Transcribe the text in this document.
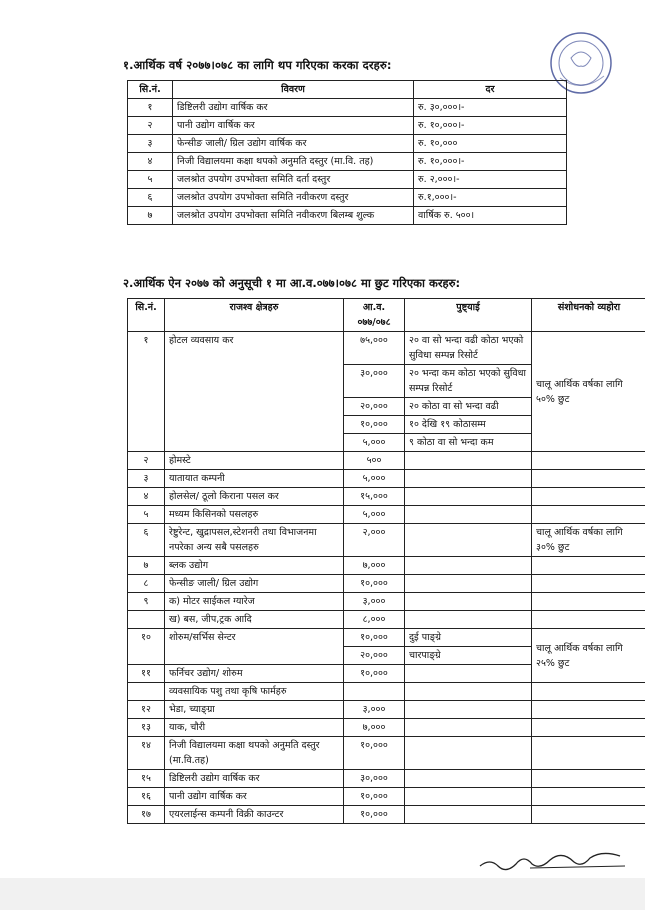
१.आर्थिक वर्ष २०७७।०७८ का लागि थप गरिएका करका दरहरु:
सि.नं.	विवरण	दर
१	डिष्टिलरी उद्योग वार्षिक कर	रु. ३०,०००।-
२	पानी उद्योग वार्षिक कर	रु. १०,०००।-
३	फेन्सीङ जाली/ ग्रिल उद्योग वार्षिक कर	रु. १०,०००
४	निजी विद्यालयमा कक्षा थपको अनुमति दस्तुर (मा.वि. तह)	रु. १०,०००।-
५	जलश्रोत उपयोग उपभोक्ता समिति दर्ता दस्तुर	रु. २,०००।-
६	जलश्रोत उपयोग उपभोक्ता समिति नवीकरण दस्तुर	रु.१,०००।-
७	जलश्रोत उपयोग उपभोक्ता समिति नवीकरण बिलम्ब शुल्क	वार्षिक रु. ५००।
२.आर्थिक ऐन २०७७ को अनुसूची १ मा आ.व.०७७।०७८ मा छुट गरिएका करहरु:
सि.नं.	राजश्व क्षेत्रहरु	आ.व. ०७७/०७८	पुष्ट्याई	संशोधनको व्यहोरा
१	होटल व्यवसाय कर	७५,०००	२० वा सो भन्दा वढी कोठा भएको सुविधा सम्पन्न रिसोर्ट	चालू आर्थिक वर्षका लागि ५०% छुट
		३०,०००	२० भन्दा कम कोठा भएको सुविधा सम्पन्न रिसोर्ट	
		२०,०००	२० कोठा वा सो भन्दा वढी	
		१०,०००	१० देखि १९ कोठासम्म	
		५,०००	९ कोठा वा सो भन्दा कम	
२	होमस्टे	५००		
३	यातायात कम्पनी	५,०००		
४	होलसेल/ ठूलो किराना पसल कर	१५,०००		
५	मध्यम किसिनको पसलहरु	५,०००		
६	रेष्टुरेन्ट, खुद्रापसल,स्टेशनरी तथा विभाजनमा नपरेका अन्य सबै पसलहरु	२,०००		चालू आर्थिक वर्षका लागि ३०% छुट
७	ब्लक उद्योग	७,०००		
८	फेन्सीङ जाली/ ग्रिल उद्योग	१०,०००		
९	क) मोटर साईकल ग्यारेज	३,०००		
	ख) बस, जीप,ट्रक आदि	८,०००		
१०	शोरुम/सर्भिस सेन्टर	१०,०००	दुई पाङ्ग्रे	चालू आर्थिक वर्षका लागि २५% छुट
		२०,०००	चारपाङ्ग्रे	
११	फर्निचर उद्योग/ शोरुम	१०,०००		
	व्यवसायिक पशु तथा कृषि फार्महरु			
१२	भेडा, च्याङ्ग्रा	३,०००		
१३	याक, चौरी	७,०००		
१४	निजी विद्यालयमा कक्षा थपको अनुमति दस्तुर (मा.वि.तह)	१०,०००		
१५	डिष्टिलरी उद्योग वार्षिक कर	३०,०००		
१६	पानी उद्योग वार्षिक कर	१०,०००		
१७	एयरलाईन्स कम्पनी विक्री काउन्टर	१०,०००		
